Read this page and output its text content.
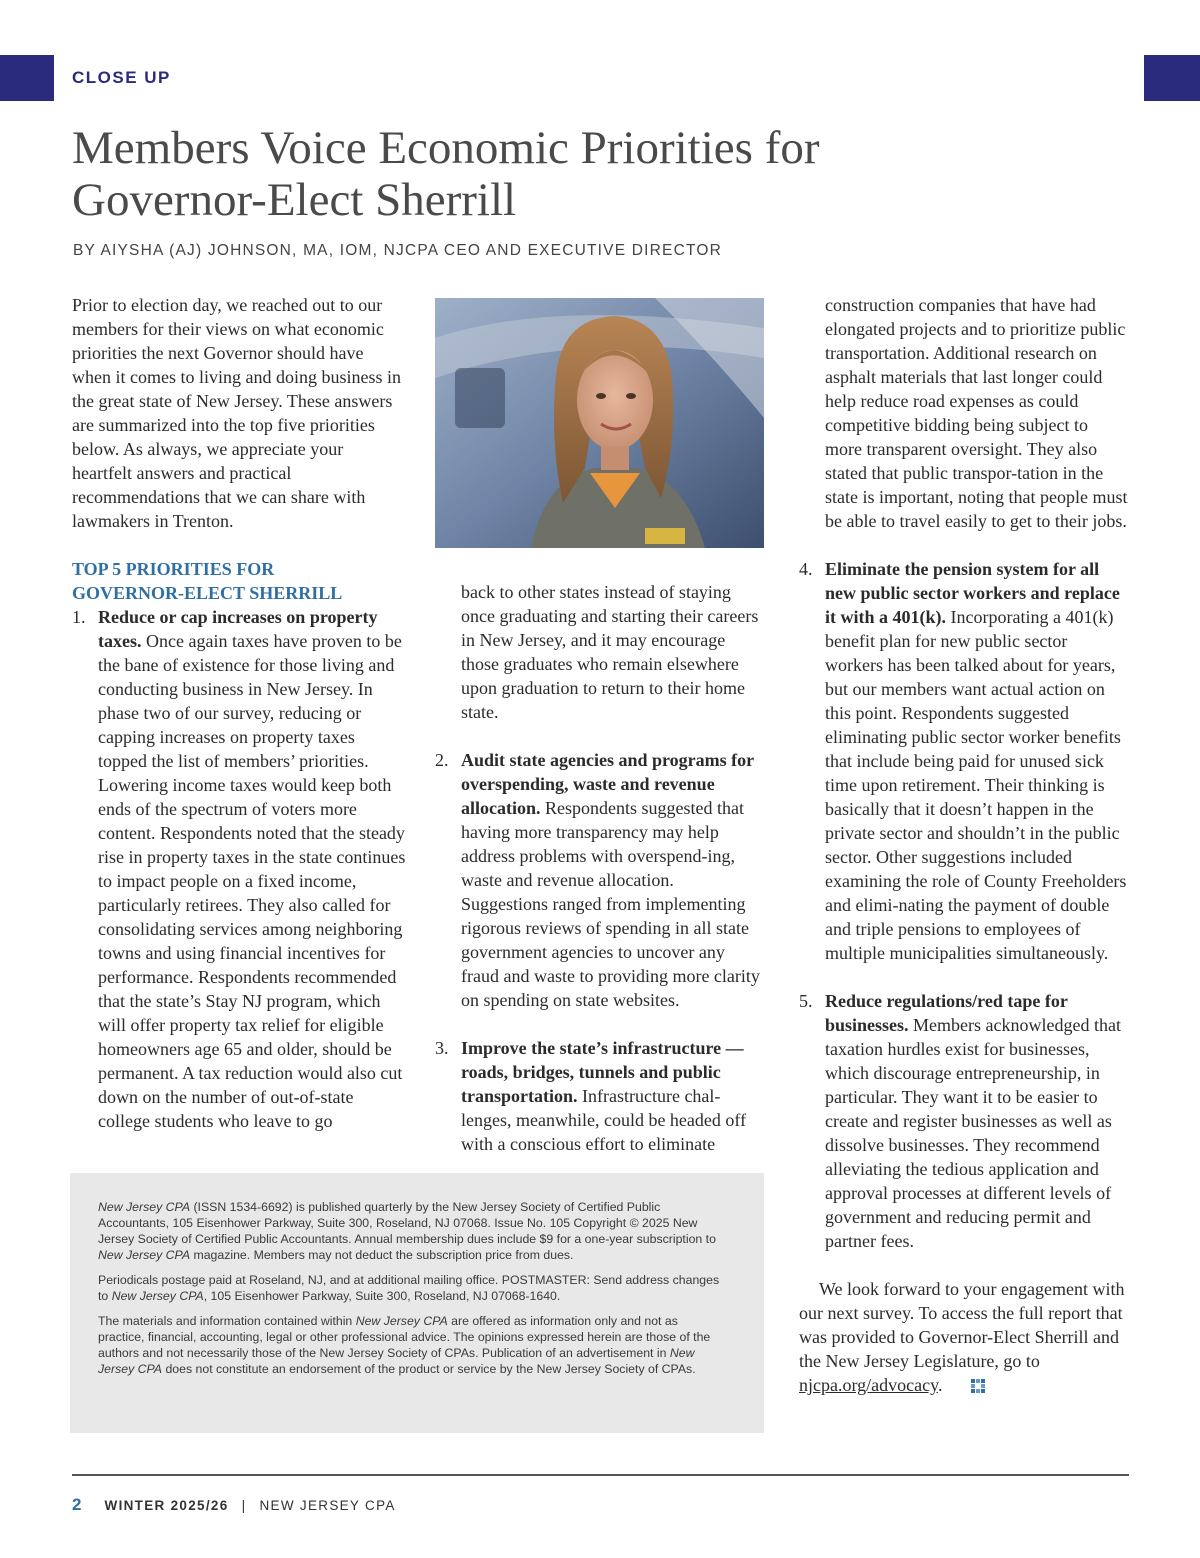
CLOSE UP
Members Voice Economic Priorities for
Governor-Elect Sherrill
BY AIYSHA (AJ) JOHNSON, MA, IOM, NJCPA CEO AND EXECUTIVE DIRECTOR

Prior to election day, we reached out to our members for their views on what economic priorities the next Governor should have when it comes to living and doing business in the great state of New Jersey. These answers are summarized into the top five priorities below. As always, we appreciate your heartfelt answers and practical recommendations that we can share with lawmakers in Trenton.

TOP 5 PRIORITIES FOR
GOVERNOR-ELECT SHERRILL

1. Reduce or cap increases on property taxes. Once again taxes have proven to be the bane of existence for those living and conducting business in New Jersey. In phase two of our survey, reducing or capping increases on property taxes topped the list of members’ priorities. Lowering income taxes would keep both ends of the spectrum of voters more content. Respondents noted that the steady rise in property taxes in the state continues to impact people on a fixed income, particularly retirees. They also called for consolidating services among neighboring towns and using financial incentives for performance. Respondents recommended that the state’s Stay NJ program, which will offer property tax relief for eligible homeowners age 65 and older, should be permanent. A tax reduction would also cut down on the number of out-of-state college students who leave to go
back to other states instead of staying once graduating and starting their careers in New Jersey, and it may encourage those graduates who remain elsewhere upon graduation to return to their home state.
2. Audit state agencies and programs for overspending, waste and revenue allocation. Respondents suggested that having more transparency may help address problems with overspend-ing, waste and revenue allocation. Suggestions ranged from implementing rigorous reviews of spending in all state government agencies to uncover any fraud and waste to providing more clarity on spending on state websites.
3. Improve the state’s infrastructure — roads, bridges, tunnels and public transportation. Infrastructure chal-lenges, meanwhile, could be headed off with a conscious effort to eliminate
construction companies that have had elongated projects and to prioritize public transportation. Additional research on asphalt materials that last longer could help reduce road expenses as could competitive bidding being subject to more transparent oversight. They also stated that public transpor-tation in the state is important, noting that people must be able to travel easily to get to their jobs.
4. Eliminate the pension system for all new public sector workers and replace it with a 401(k). Incorporating a 401(k) benefit plan for new public sector workers has been talked about for years, but our members want actual action on this point. Respondents suggested eliminating public sector worker benefits that include being paid for unused sick time upon retirement. Their thinking is basically that it doesn’t happen in the private sector and shouldn’t in the public sector. Other suggestions included examining the role of County Freeholders and elimi-nating the payment of double and triple pensions to employees of multiple municipalities simultaneously.
5. Reduce regulations/red tape for businesses. Members acknowledged that taxation hurdles exist for businesses, which discourage entrepreneurship, in particular. They want it to be easier to create and register businesses as well as dissolve businesses. They recommend alleviating the tedious application and approval processes at different levels of government and reducing permit and partner fees.

We look forward to your engagement with our next survey. To access the full report that was provided to Governor-Elect Sherrill and the New Jersey Legislature, go to njcpa.org/advocacy.

New Jersey CPA (ISSN 1534-6692) is published quarterly by the New Jersey Society of Certified Public Accountants, 105 Eisenhower Parkway, Suite 300, Roseland, NJ 07068. Issue No. 105 Copyright © 2025 New Jersey Society of Certified Public Accountants. Annual membership dues include $9 for a one-year subscription to New Jersey CPA magazine. Members may not deduct the subscription price from dues.

Periodicals postage paid at Roseland, NJ, and at additional mailing office. POSTMASTER: Send address changes to New Jersey CPA, 105 Eisenhower Parkway, Suite 300, Roseland, NJ 07068-1640.

The materials and information contained within New Jersey CPA are offered as information only and not as practice, financial, accounting, legal or other professional advice. The opinions expressed herein are those of the authors and not necessarily those of the New Jersey Society of CPAs. Publication of an advertisement in New Jersey CPA does not constitute an endorsement of the product or service by the New Jersey Society of CPAs.

2 WINTER 2025/26 | NEW JERSEY CPA
